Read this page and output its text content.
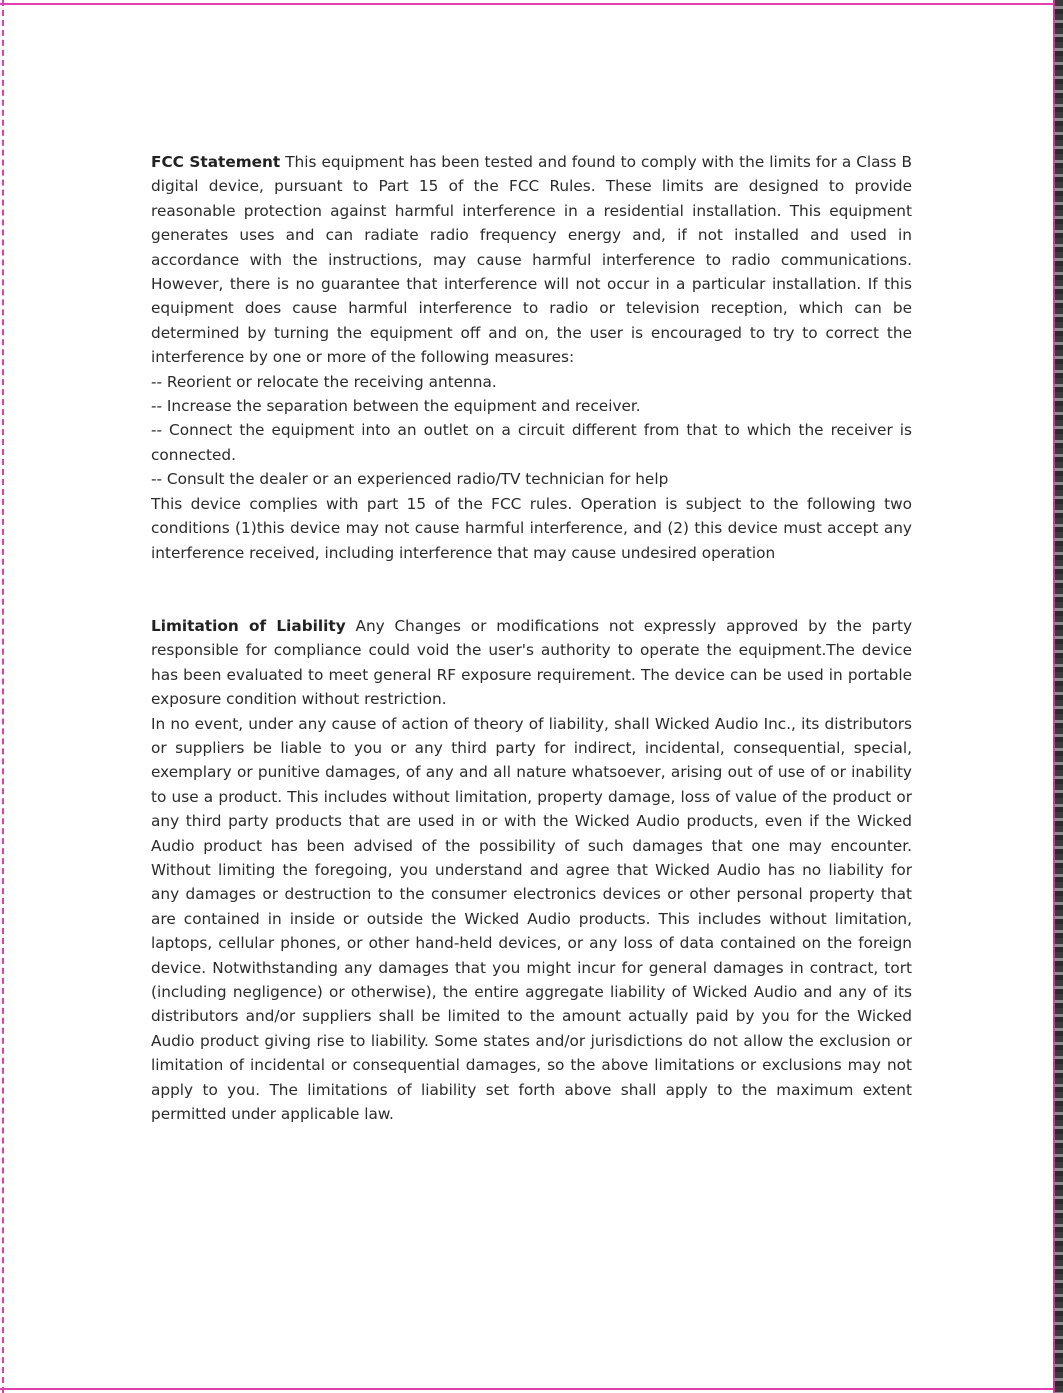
FCC Statement This equipment has been tested and found to comply with the limits for a Class B digital device, pursuant to Part 15 of the FCC Rules. These limits are designed to provide reasonable protection against harmful interference in a residential installation. This equipment generates uses and can radiate radio frequency energy and, if not installed and used in accordance with the instructions, may cause harmful interference to radio communications. However, there is no guarantee that interference will not occur in a particular installation. If this equipment does cause harmful interference to radio or television reception, which can be determined by turning the equipment off and on, the user is encouraged to try to correct the interference by one or more of the following measures:

-- Reorient or relocate the receiving antenna.

-- Increase the separation between the equipment and receiver.

-- Connect the equipment into an outlet on a circuit different from that to which the receiver is connected.

-- Consult the dealer or an experienced radio/TV technician for help

This device complies with part 15 of the FCC rules. Operation is subject to the following two conditions (1)this device may not cause harmful interference, and (2) this device must accept any interference received, including interference that may cause undesired operation

Limitation of Liability Any Changes or modifications not expressly approved by the party responsible for compliance could void the user's authority to operate the equipment.The device has been evaluated to meet general RF exposure requirement. The device can be used in portable exposure condition without restriction.

In no event, under any cause of action of theory of liability, shall Wicked Audio Inc., its distributors or suppliers be liable to you or any third party for indirect, incidental, consequential, special, exemplary or punitive damages, of any and all nature whatsoever, arising out of use of or inability to use a product. This includes without limitation, property damage, loss of value of the product or any third party products that are used in or with the Wicked Audio products, even if the Wicked Audio product has been advised of the possibility of such damages that one may encounter. Without limiting the foregoing, you understand and agree that Wicked Audio has no liability for any damages or destruction to the consumer electronics devices or other personal property that are contained in inside or outside the Wicked Audio products. This includes without limitation, laptops, cellular phones, or other hand-held devices, or any loss of data contained on the foreign device. Notwithstanding any damages that you might incur for general damages in contract, tort (including negligence) or otherwise), the entire aggregate liability of Wicked Audio and any of its distributors and/or suppliers shall be limited to the amount actually paid by you for the Wicked Audio product giving rise to liability. Some states and/or jurisdictions do not allow the exclusion or limitation of incidental or consequential damages, so the above limitations or exclusions may not apply to you. The limitations of liability set forth above shall apply to the maximum extent permitted under applicable law.
